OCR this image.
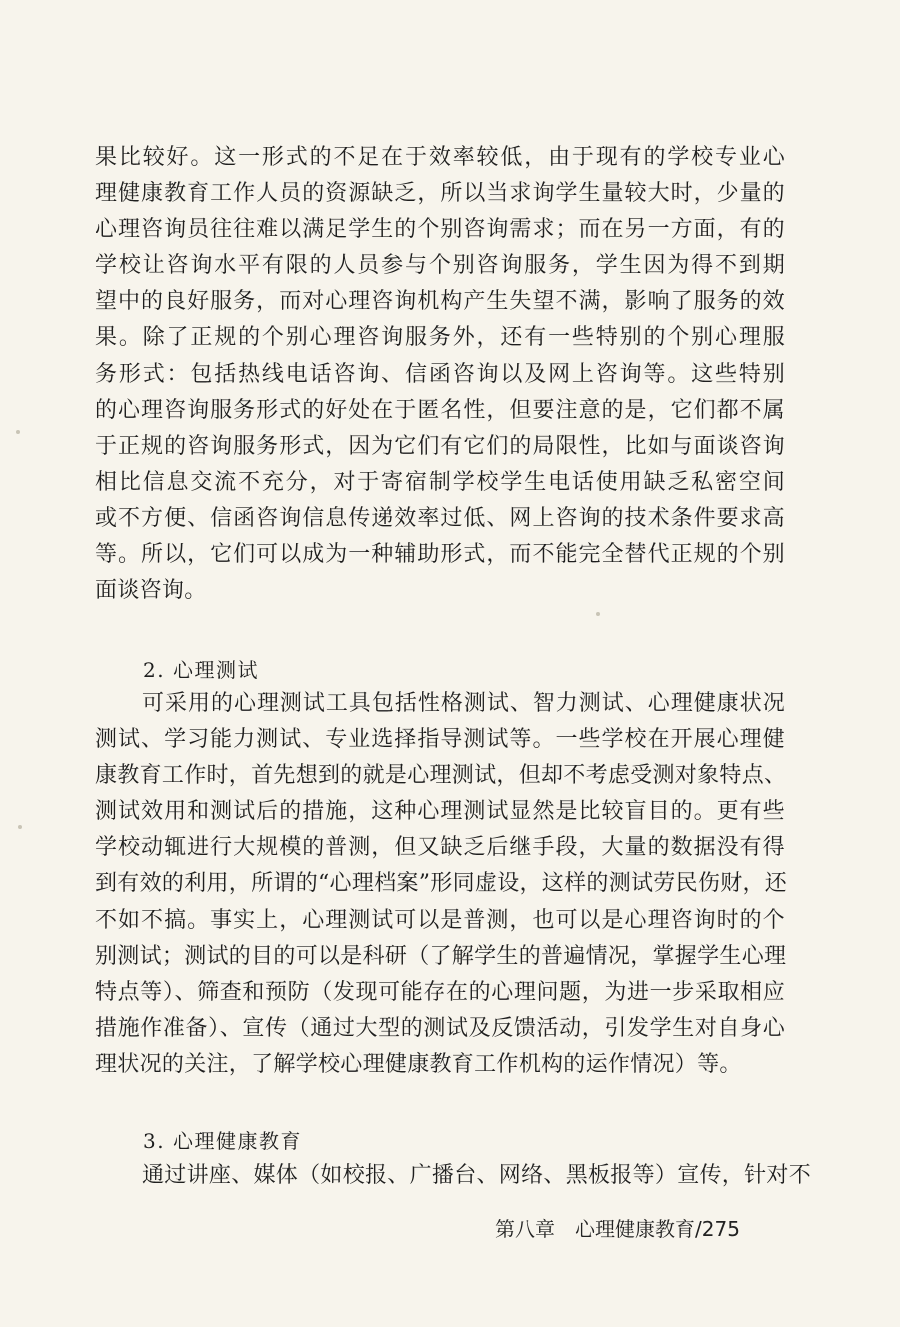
果比较好。这一形式的不足在于效率较低，由于现有的学校专业心
理健康教育工作人员的资源缺乏，所以当求询学生量较大时，少量的
心理咨询员往往难以满足学生的个别咨询需求；而在另一方面，有的
学校让咨询水平有限的人员参与个别咨询服务，学生因为得不到期
望中的良好服务，而对心理咨询机构产生失望不满，影响了服务的效
果。除了正规的个别心理咨询服务外，还有一些特别的个别心理服
务形式：包括热线电话咨询、信函咨询以及网上咨询等。这些特别
的心理咨询服务形式的好处在于匿名性，但要注意的是，它们都不属
于正规的咨询服务形式，因为它们有它们的局限性，比如与面谈咨询
相比信息交流不充分，对于寄宿制学校学生电话使用缺乏私密空间
或不方便、信函咨询信息传递效率过低、网上咨询的技术条件要求高
等。所以，它们可以成为一种辅助形式，而不能完全替代正规的个别
面谈咨询。
2. 心理测试
可采用的心理测试工具包括性格测试、智力测试、心理健康状况
测试、学习能力测试、专业选择指导测试等。一些学校在开展心理健
康教育工作时，首先想到的就是心理测试，但却不考虑受测对象特点、
测试效用和测试后的措施，这种心理测试显然是比较盲目的。更有些
学校动辄进行大规模的普测，但又缺乏后继手段，大量的数据没有得
到有效的利用，所谓的“心理档案”形同虚设，这样的测试劳民伤财，还
不如不搞。事实上，心理测试可以是普测，也可以是心理咨询时的个
别测试；测试的目的可以是科研（了解学生的普遍情况，掌握学生心理
特点等）、筛查和预防（发现可能存在的心理问题，为进一步采取相应
措施作准备）、宣传（通过大型的测试及反馈活动，引发学生对自身心
理状况的关注，了解学校心理健康教育工作机构的运作情况）等。
3. 心理健康教育
通过讲座、媒体（如校报、广播台、网络、黑板报等）宣传，针对不
第八章 心理健康教育/275
